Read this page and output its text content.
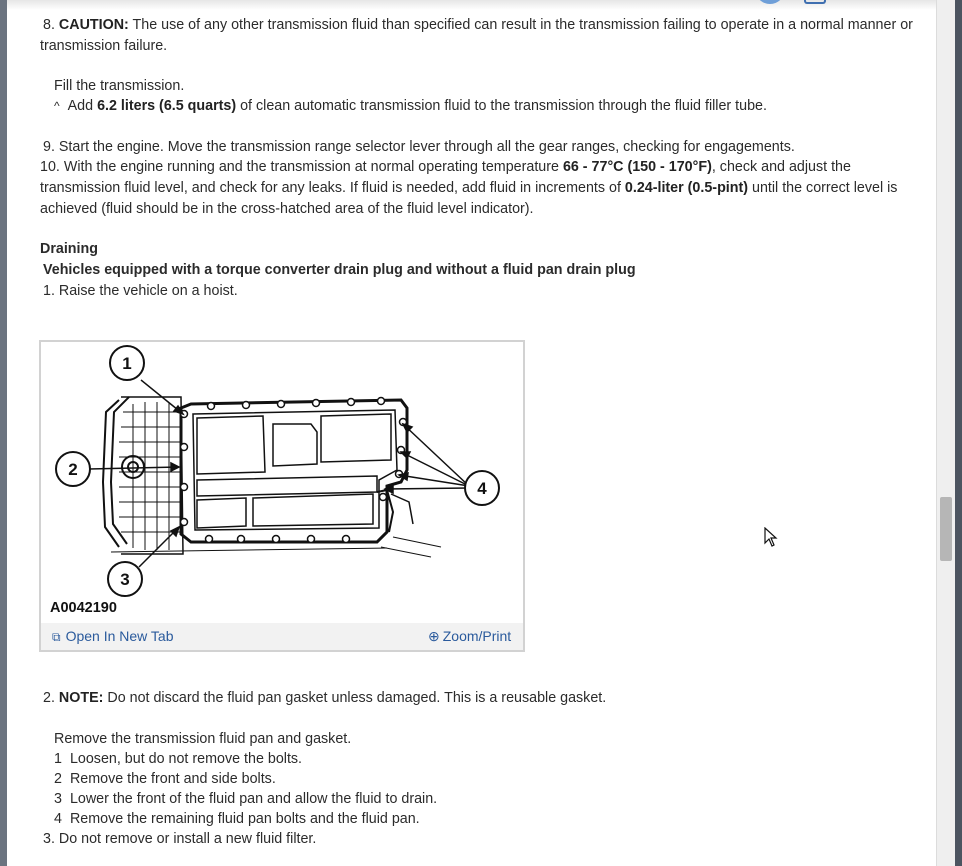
8. CAUTION: The use of any other transmission fluid than specified can result in the transmission failing to operate in a normal manner or
transmission failure.
Fill the transmission.
^ Add 6.2 liters (6.5 quarts) of clean automatic transmission fluid to the transmission through the fluid filler tube.
9. Start the engine. Move the transmission range selector lever through all the gear ranges, checking for engagements.
10. With the engine running and the transmission at normal operating temperature 66 - 77°C (150 - 170°F), check and adjust the
transmission fluid level, and check for any leaks. If fluid is needed, add fluid in increments of 0.24-liter (0.5-pint) until the correct level is
achieved (fluid should be in the cross-hatched area of the fluid level indicator).
Draining
Vehicles equipped with a torque converter drain plug and without a fluid pan drain plug
1. Raise the vehicle on a hoist.
1
2
3
4
A0042190
⧉ Open In New Tab	⊕ Zoom/Print
2. NOTE: Do not discard the fluid pan gasket unless damaged. This is a reusable gasket.
Remove the transmission fluid pan and gasket.
1 Loosen, but do not remove the bolts.
2 Remove the front and side bolts.
3 Lower the front of the fluid pan and allow the fluid to drain.
4 Remove the remaining fluid pan bolts and the fluid pan.
3. Do not remove or install a new fluid filter.
